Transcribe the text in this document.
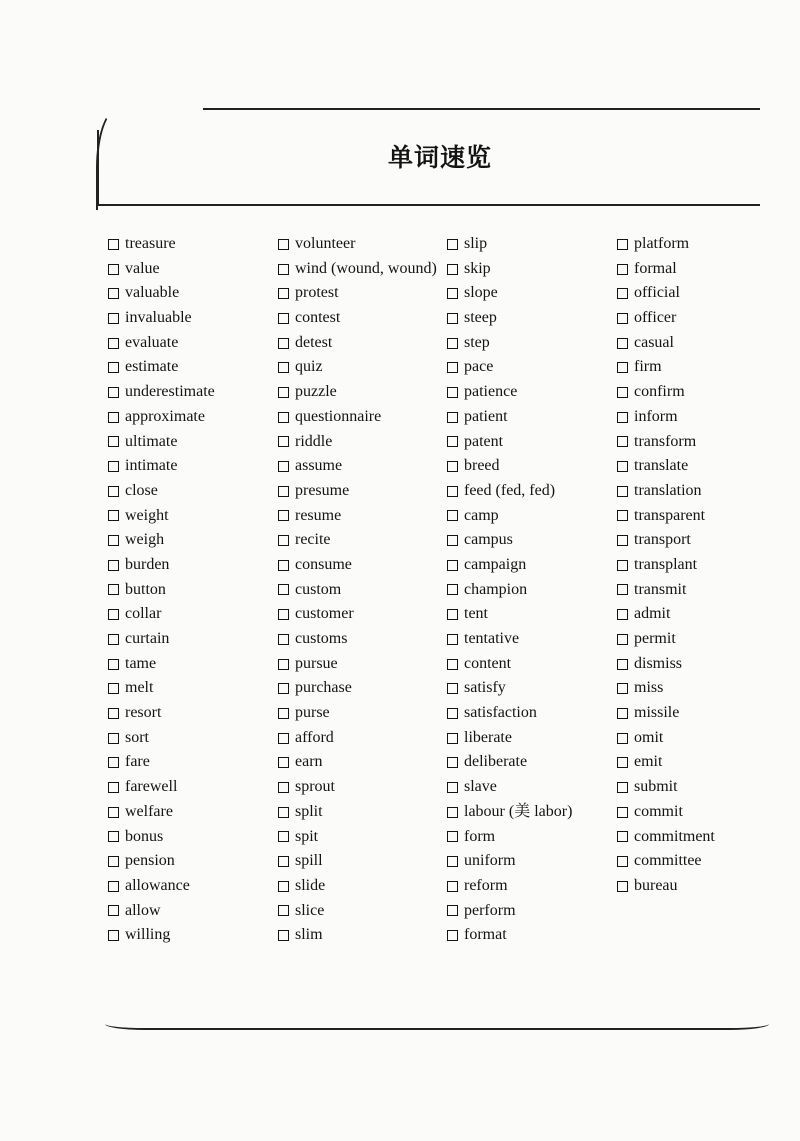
单词速览
treasure
value
valuable
invaluable
evaluate
estimate
underestimate
approximate
ultimate
intimate
close
weight
weigh
burden
button
collar
curtain
tame
melt
resort
sort
fare
farewell
welfare
bonus
pension
allowance
allow
willing
volunteer
wind (wound, wound)
protest
contest
detest
quiz
puzzle
questionnaire
riddle
assume
presume
resume
recite
consume
custom
customer
customs
pursue
purchase
purse
afford
earn
sprout
split
spit
spill
slide
slice
slim
slip
skip
slope
steep
step
pace
patience
patient
patent
breed
feed (fed, fed)
camp
campus
campaign
champion
tent
tentative
content
satisfy
satisfaction
liberate
deliberate
slave
labour (美 labor)
form
uniform
reform
perform
format
platform
formal
official
officer
casual
firm
confirm
inform
transform
translate
translation
transparent
transport
transplant
transmit
admit
permit
dismiss
miss
missile
omit
emit
submit
commit
commitment
committee
bureau
